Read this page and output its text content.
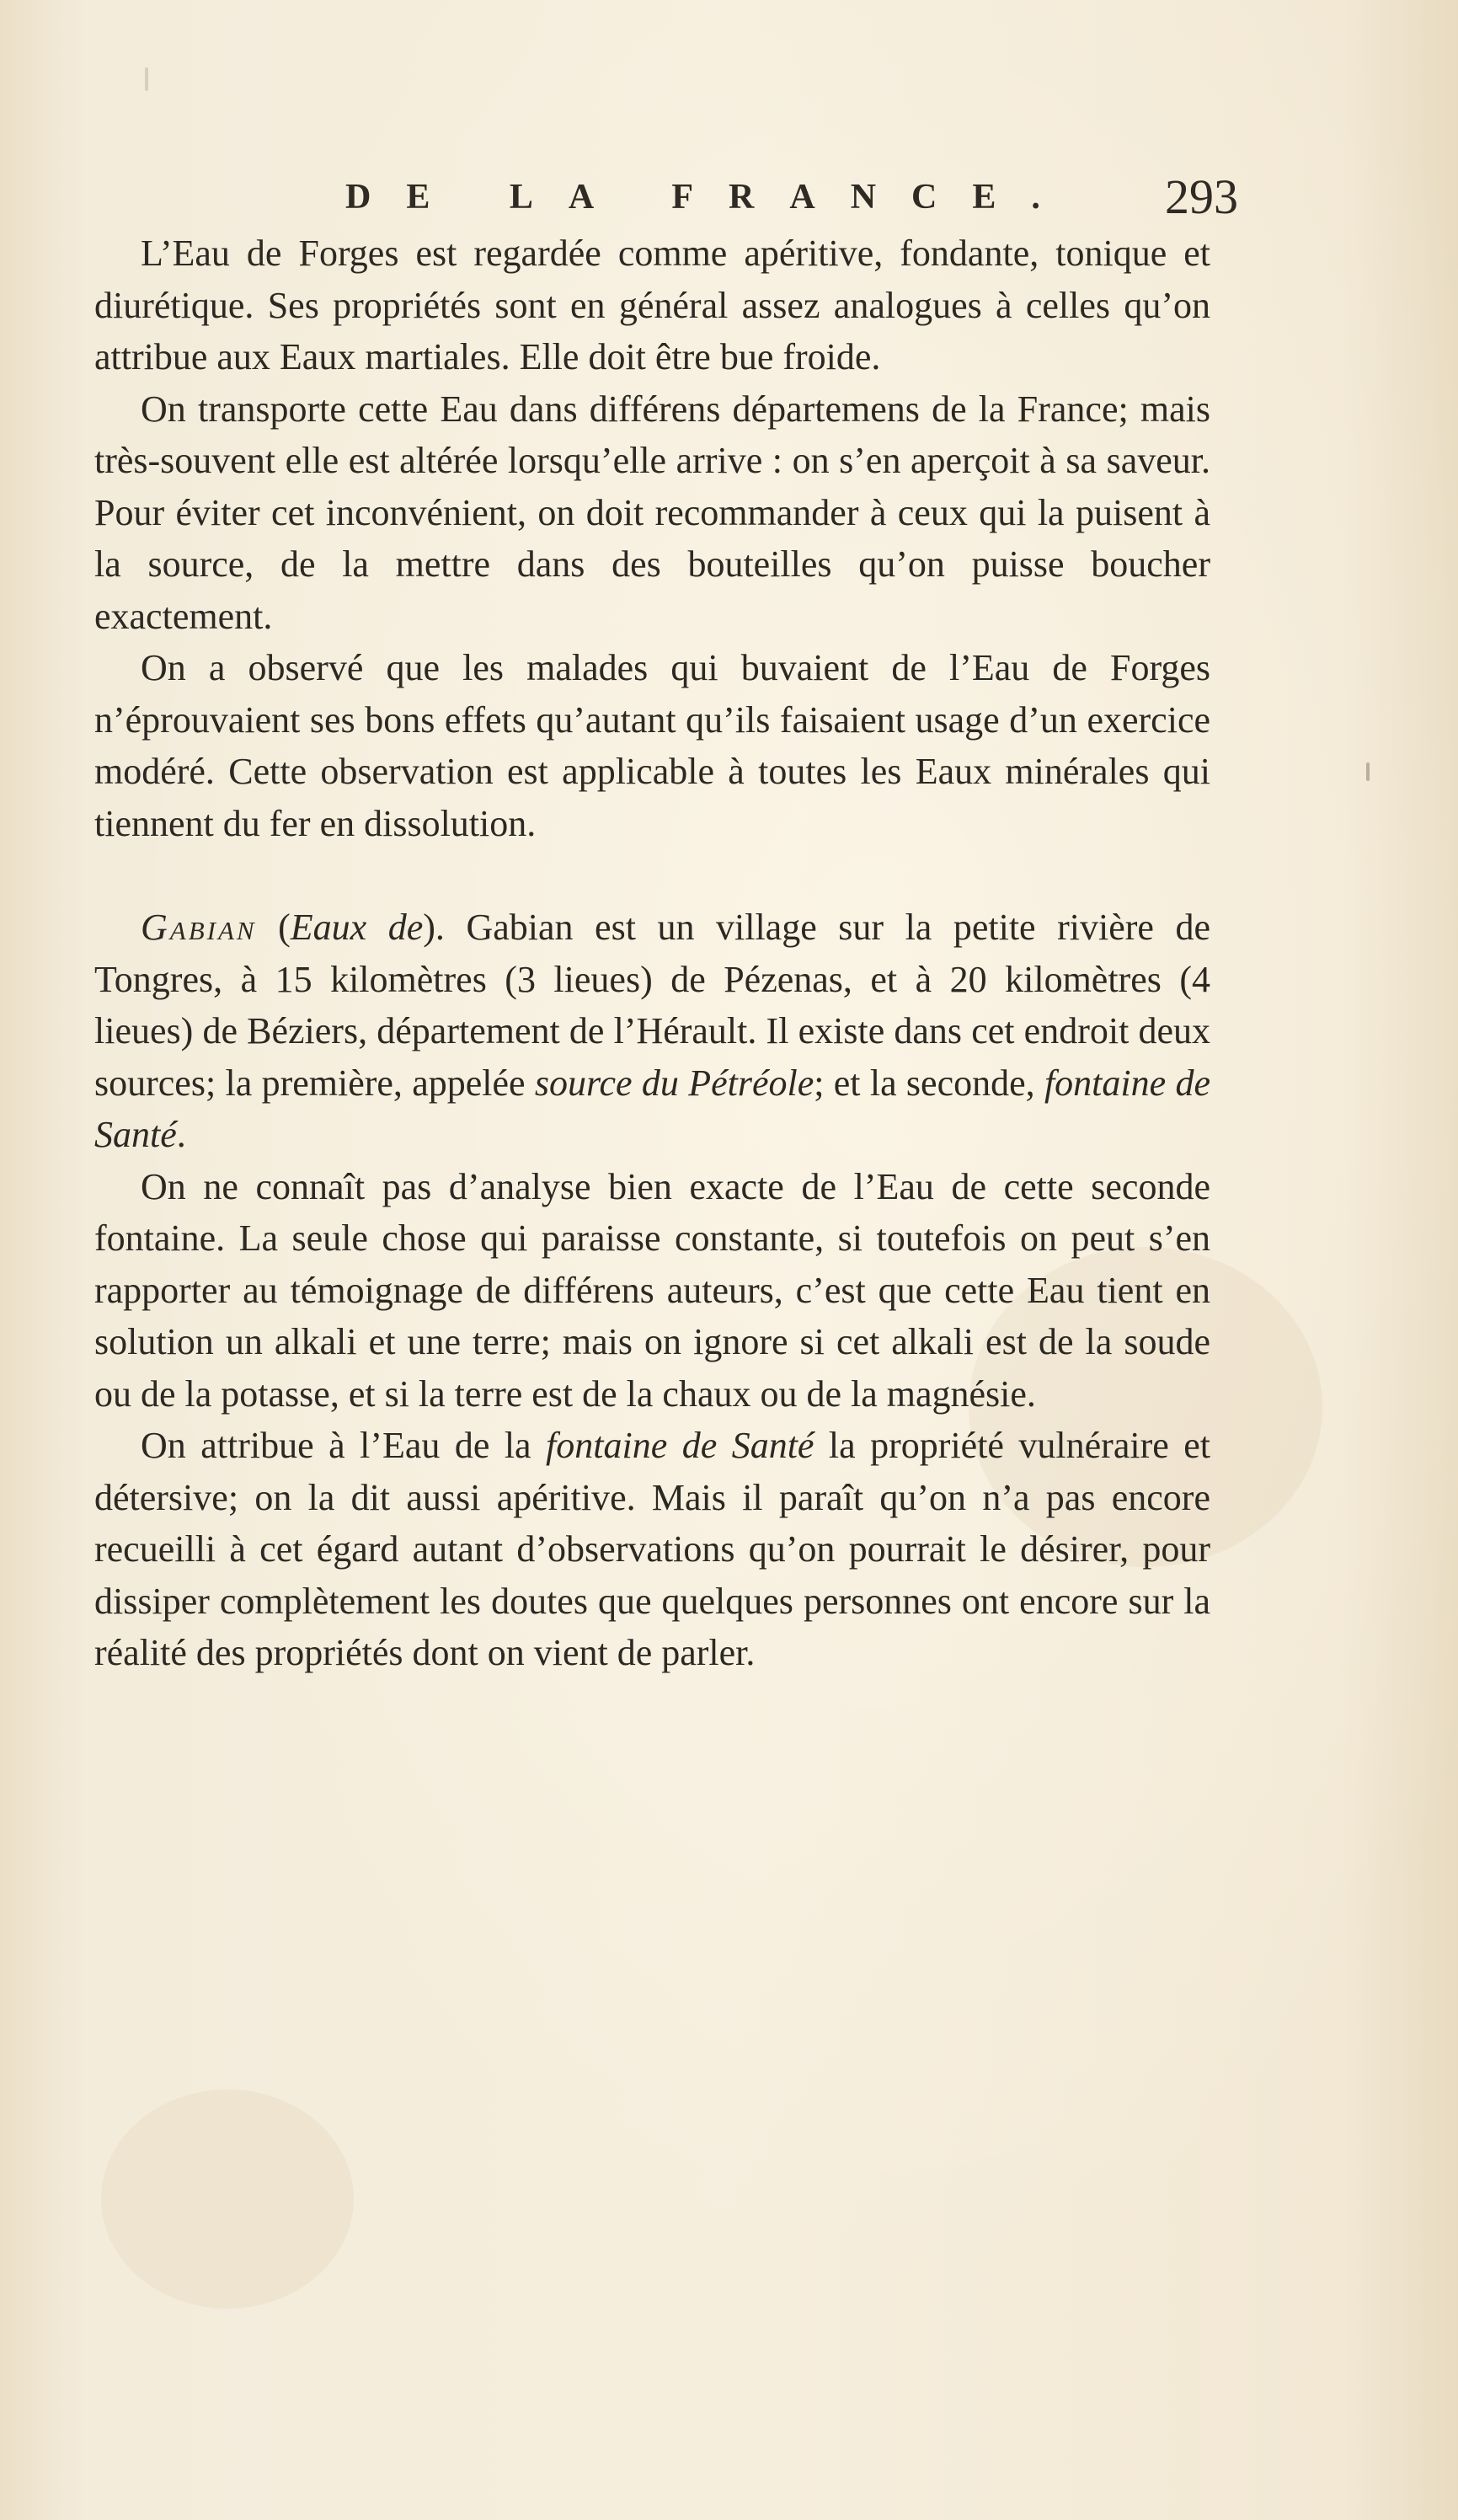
DE LA FRANCE. 293

L’Eau de Forges est regardée comme apéritive, fondante, tonique et diurétique. Ses propriétés sont en général assez analogues à celles qu’on attribue aux Eaux martiales. Elle doit être bue froide.

On transporte cette Eau dans différens départemens de la France; mais très-souvent elle est altérée lorsqu’elle arrive : on s’en aperçoit à sa saveur. Pour éviter cet inconvénient, on doit recommander à ceux qui la puisent à la source, de la mettre dans des bouteilles qu’on puisse boucher exactement.

On a observé que les malades qui buvaient de l’Eau de Forges n’éprouvaient ses bons effets qu’autant qu’ils faisaient usage d’un exercice modéré. Cette observation est applicable à toutes les Eaux minérales qui tiennent du fer en dissolution.

Gabian (Eaux de). Gabian est un village sur la petite rivière de Tongres, à 15 kilomètres (3 lieues) de Pézenas, et à 20 kilomètres (4 lieues) de Béziers, département de l’Hérault. Il existe dans cet endroit deux sources; la première, appelée source du Pétréole; et la seconde, fontaine de Santé.

On ne connaît pas d’analyse bien exacte de l’Eau de cette seconde fontaine. La seule chose qui paraisse constante, si toutefois on peut s’en rapporter au témoignage de différens auteurs, c’est que cette Eau tient en solution un alkali et une terre; mais on ignore si cet alkali est de la soude ou de la potasse, et si la terre est de la chaux ou de la magnésie.

On attribue à l’Eau de la fontaine de Santé la propriété vulnéraire et détersive; on la dit aussi apéritive. Mais il paraît qu’on n’a pas encore recueilli à cet égard autant d’observations qu’on pourrait le désirer, pour dissiper complètement les doutes que quelques personnes ont encore sur la réalité des propriétés dont on vient de parler.
